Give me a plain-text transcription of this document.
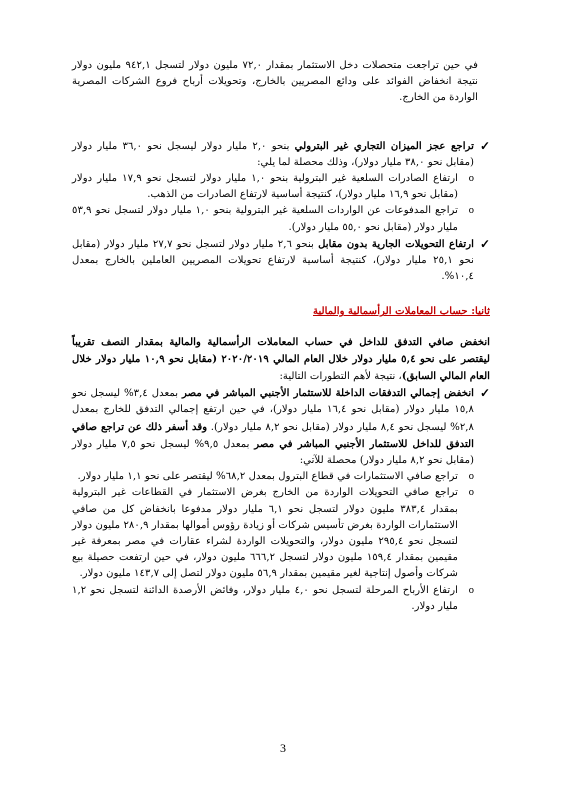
في حين تراجعت متحصلات دخل الاستثمار بمقدار ٧٢,٠ مليون دولار لتسجل ٩٤٢,١ مليون دولار نتيجة انخفاض الفوائد على ودائع المصريين بالخارج، وتحويلات أرباح فروع الشركات المصرية الواردة من الخارج.

✓
تراجع عجز الميزان التجاري غير البترولي بنحو ٢,٠ مليار دولار ليسجل نحو ٣٦,٠ مليار دولار (مقابل نحو ٣٨,٠ مليار دولار)، وذلك محصلة لما يلي:
o
ارتفاع الصادرات السلعية غير البترولية بنحو ١,٠ مليار دولار لتسجل نحو ١٧,٩ مليار دولار (مقابل نحو ١٦,٩ مليار دولار)، كنتيجة أساسية لارتفاع الصادرات من الذهب.
o
تراجع المدفوعات عن الواردات السلعية غير البترولية بنحو ١,٠ مليار دولار لتسجل نحو ٥٣,٩ مليار دولار (مقابل نحو ٥٥,٠ مليار دولار).
✓
ارتفاع التحويلات الجارية بدون مقابل بنحو ٢,٦ مليار دولار لتسجل نحو ٢٧,٧ مليار دولار (مقابل نحو ٢٥,١ مليار دولار)، كنتيجة أساسية لارتفاع تحويلات المصريين العاملين بالخارج بمعدل ١٠,٤%.

ثانيا: حساب المعاملات الرأسمالية والمالية

انخفض صافي التدفق للداخل في حساب المعاملات الرأسمالية والمالية بمقدار النصف تقريباً ليقتصر على نحو ٥,٤ مليار دولار خلال العام المالي ٢٠٢٠/٢٠١٩ (مقابل نحو ١٠,٩ مليار دولار خلال العام المالي السابق)، نتيجة لأهم التطورات التالية:

✓
انخفض إجمالي التدفقات الداخلة للاستثمار الأجنبي المباشر في مصر بمعدل ٣,٤% ليسجل نحو ١٥,٨ مليار دولار (مقابل نحو ١٦,٤ مليار دولار)، في حين ارتفع إجمالي التدفق للخارج بمعدل ٢,٨% ليسجل نحو ٨,٤ مليار دولار (مقابل نحو ٨,٢ مليار دولار). وقد أسفر ذلك عن تراجع صافي التدفق للداخل للاستثمار الأجنبي المباشر في مصر بمعدل ٩,٥% ليسجل نحو ٧,٥ مليار دولار (مقابل نحو ٨,٢ مليار دولار) محصلة للآتي:
o
تراجع صافي الاستثمارات في قطاع البترول بمعدل ٦٨,٢% ليقتصر على نحو ١,١ مليار دولار.
o
تراجع صافي التحويلات الواردة من الخارج بغرض الاستثمار في القطاعات غير البترولية بمقدار ٣٨٣,٤ مليون دولار لتسجل نحو ٦,١ مليار دولار مدفوعا بانخفاض كل من صافي الاستثمارات الواردة بغرض تأسيس شركات أو زيادة رؤوس أموالها بمقدار ٢٨٠,٩ مليون دولار لتسجل نحو ٢٩٥,٤ مليون دولار، والتحويلات الواردة لشراء عقارات في مصر بمعرفة غير مقيمين بمقدار ١٥٩,٤ مليون دولار لتسجل ٦٦٦,٢ مليون دولار، في حين ارتفعت حصيلة بيع شركات وأصول إنتاجية لغير مقيمين بمقدار ٥٦,٩ مليون دولار لتصل إلى ١٤٣,٧ مليون دولار.
o
ارتفاع الأرباح المرحلة لتسجل نحو ٤,٠ مليار دولار، وفائض الأرصدة الدائنة لتسجل نحو ١,٢ مليار دولار.
3
